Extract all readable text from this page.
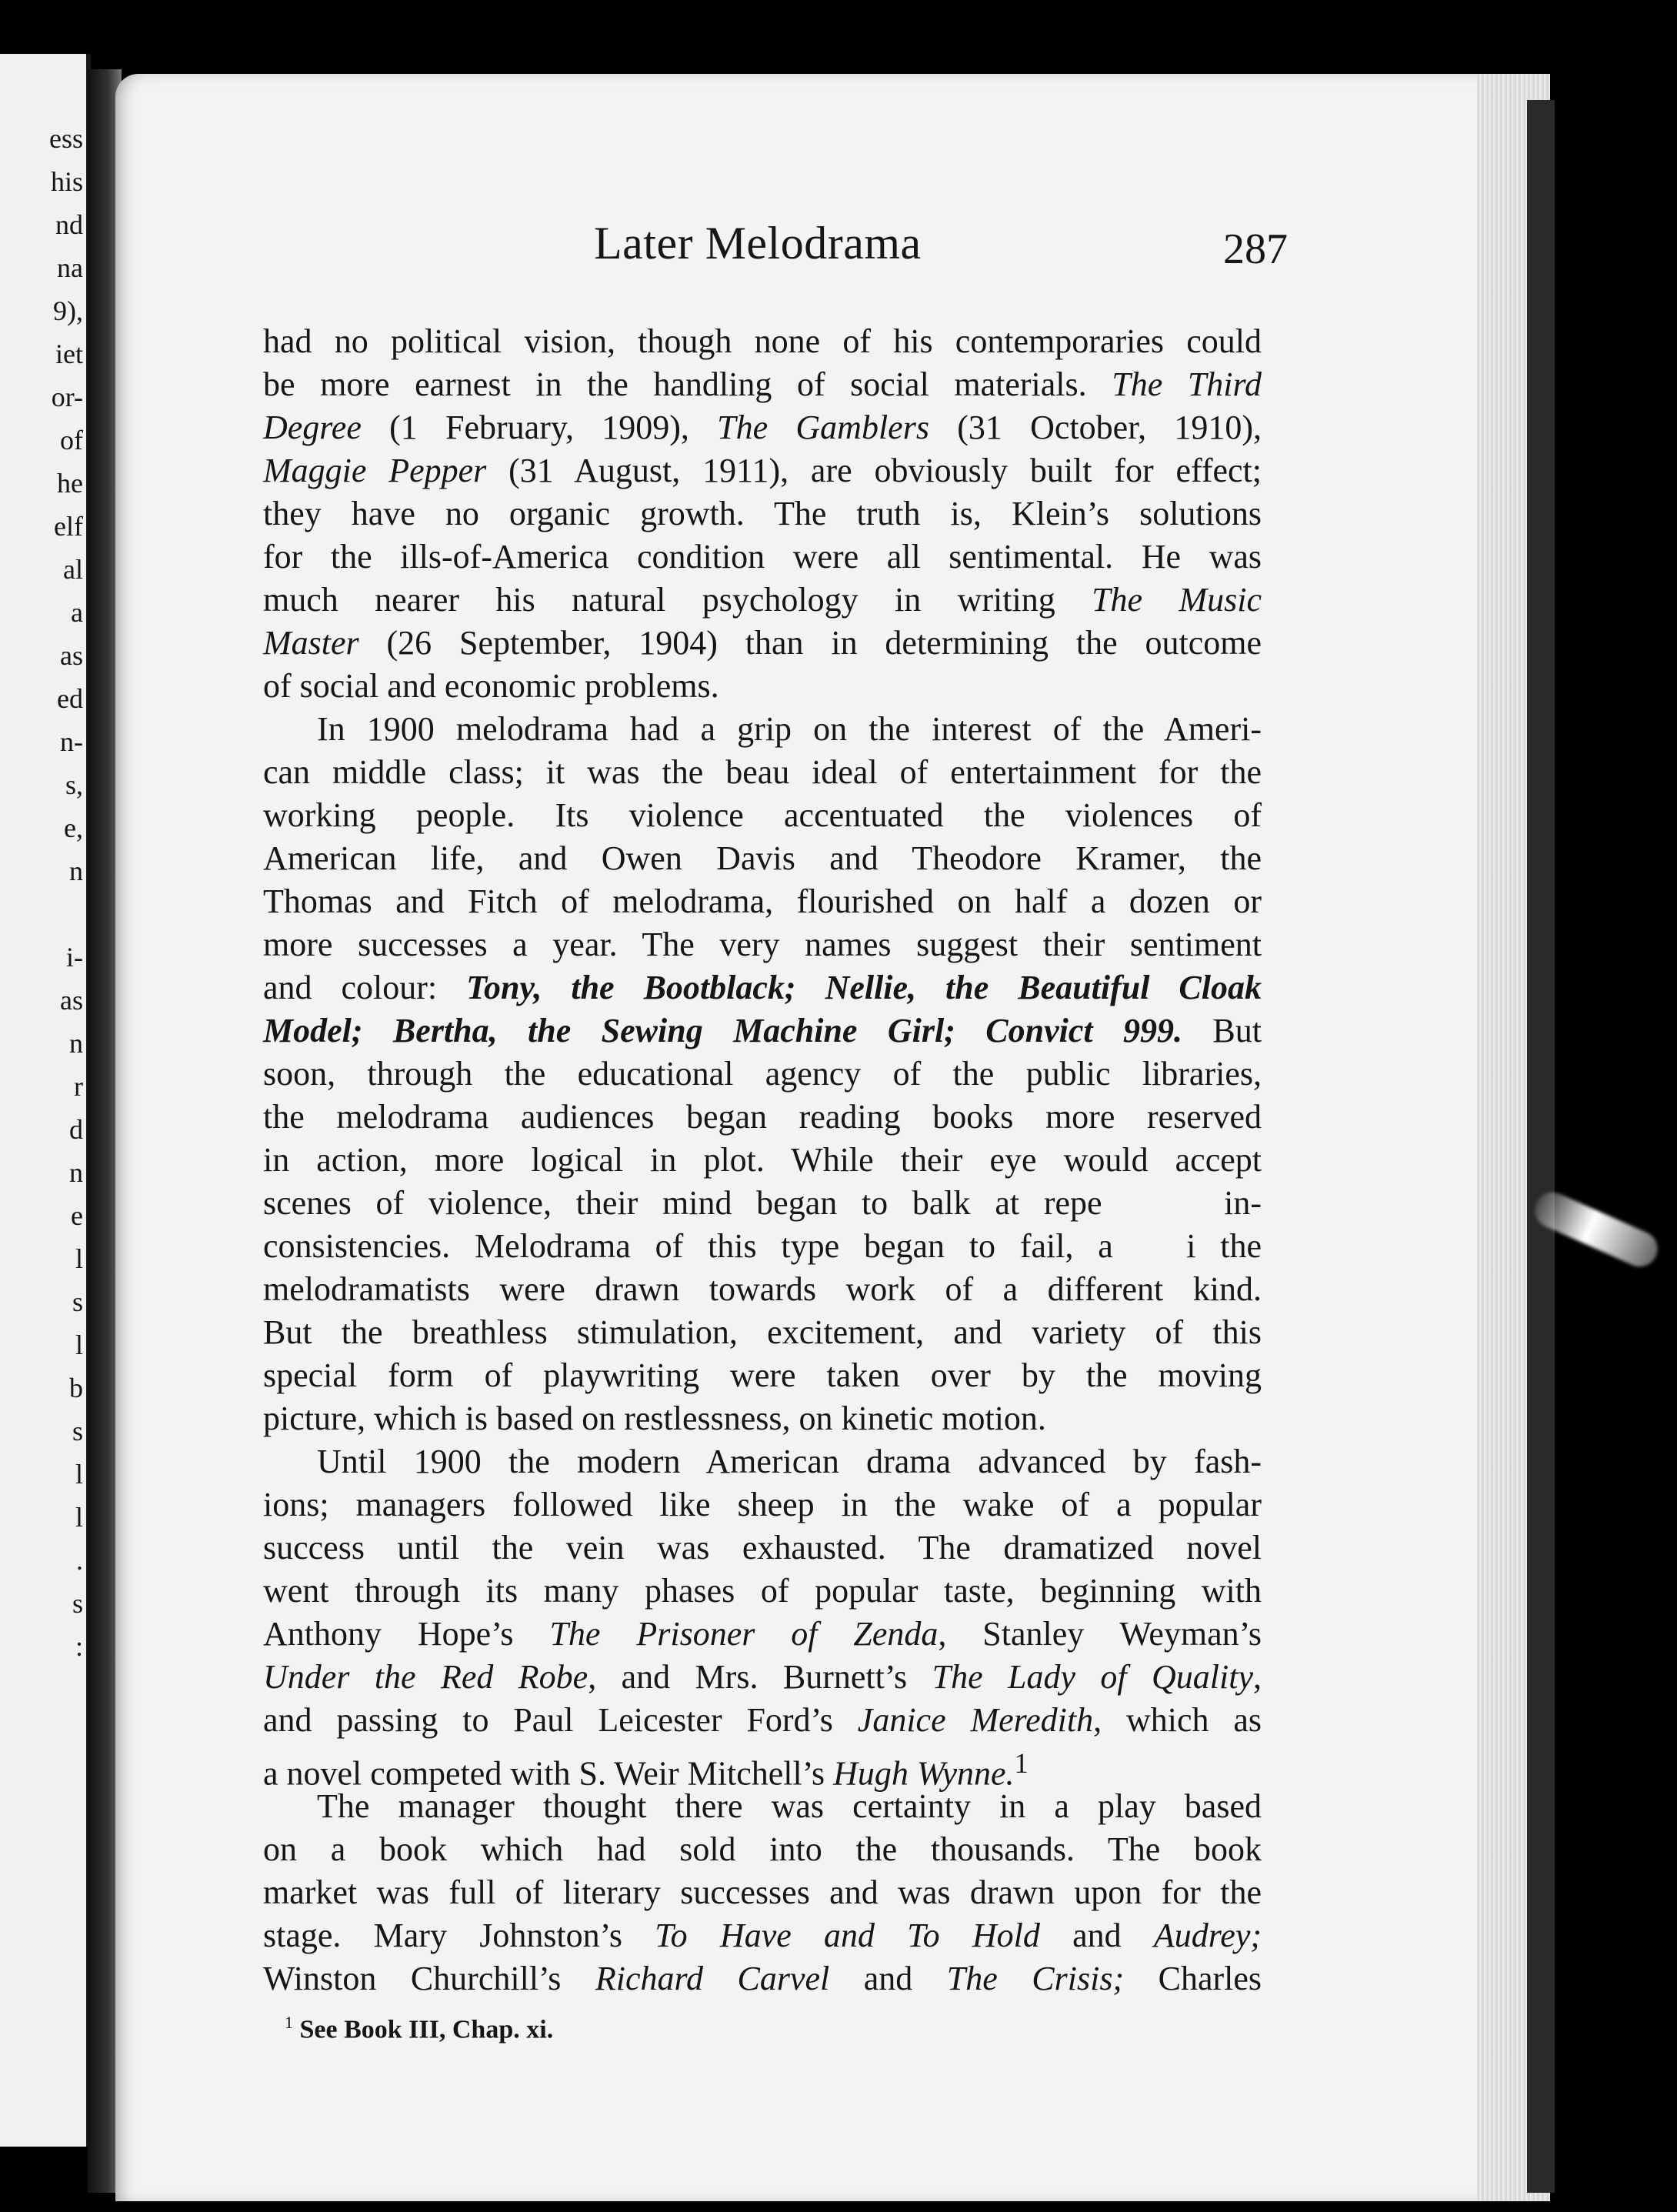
ess
his
nd
na
9),
iet
or-
of
he
elf
al
a
as
ed
n-
s,
e,
n
i-
as
n
r
d
n
e
l
s
l
b
s
l
l
.
s
:
Later Melodrama	287

had no political vision, though none of his contemporaries could

be more earnest in the handling of social materials. The Third

Degree (1 February, 1909), The Gamblers (31 October, 1910),

Maggie Pepper (31 August, 1911), are obviously built for effect;

they have no organic growth. The truth is, Klein’s solutions

for the ills-of-America condition were all sentimental. He was

much nearer his natural psychology in writing The Music

Master (26 September, 1904) than in determining the outcome

of social and economic problems.

In 1900 melodrama had a grip on the interest of the Ameri-

can middle class; it was the beau ideal of entertainment for the

working people. Its violence accentuated the violences of

American life, and Owen Davis and Theodore Kramer, the

Thomas and Fitch of melodrama, flourished on half a dozen or

more successes a year. The very names suggest their sentiment

and colour: Tony, the Bootblack; Nellie, the Beautiful Cloak

Model; Bertha, the Sewing Machine Girl; Convict 999. But

soon, through the educational agency of the public libraries,

the melodrama audiences began reading books more reserved

in action, more logical in plot. While their eye would accept

scenes of violence, their mind began to balk at repe     in-

consistencies. Melodrama of this type began to fail, a   i the

melodramatists were drawn towards work of a different kind.

But the breathless stimulation, excitement, and variety of this

special form of playwriting were taken over by the moving

picture, which is based on restlessness, on kinetic motion.

Until 1900 the modern American drama advanced by fash-

ions; managers followed like sheep in the wake of a popular

success until the vein was exhausted. The dramatized novel

went through its many phases of popular taste, beginning with

Anthony Hope’s The Prisoner of Zenda, Stanley Weyman’s

Under the Red Robe, and Mrs. Burnett’s The Lady of Quality,

and passing to Paul Leicester Ford’s Janice Meredith, which as

a novel competed with S. Weir Mitchell’s Hugh Wynne.$^1$

The manager thought there was certainty in a play based

on a book which had sold into the thousands. The book

market was full of literary successes and was drawn upon for the

stage. Mary Johnston’s To Have and To Hold and Audrey;

Winston Churchill’s Richard Carvel and The Crisis; Charles

$^1$ See Book III, Chap. xi.
